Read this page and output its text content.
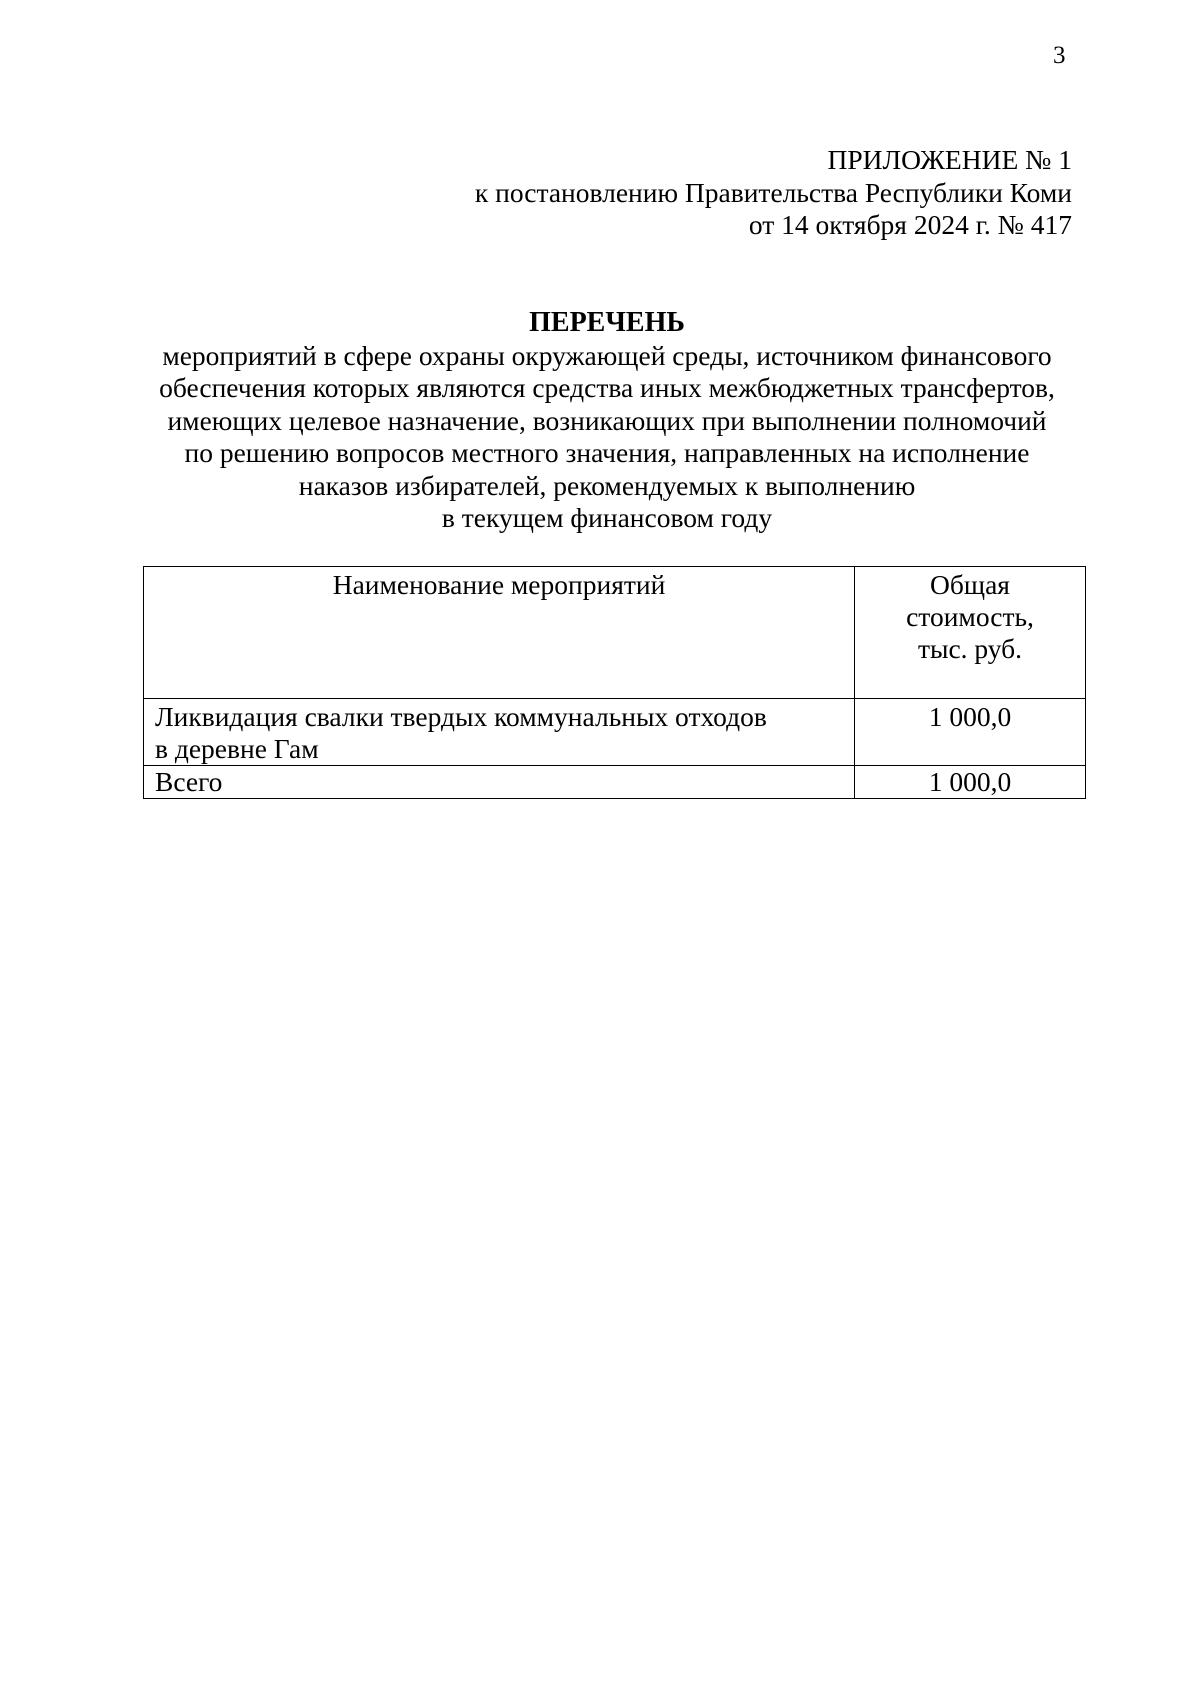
3
ПРИЛОЖЕНИЕ № 1
к постановлению Правительства Республики Коми
от 14 октября 2024 г. № 417
ПЕРЕЧЕНЬ
мероприятий в сфере охраны окружающей среды, источником финансового
обеспечения которых являются средства иных межбюджетных трансфертов,
имеющих целевое назначение, возникающих при выполнении полномочий
по решению вопросов местного значения, направленных на исполнение
наказов избирателей, рекомендуемых к выполнению
в текущем финансовом году
Наименование мероприятий	Общая
стоимость,
тыс. руб.

Ликвидация свалки твердых коммунальных отходов
в деревне Гам	1 000,0
Всего	1 000,0
